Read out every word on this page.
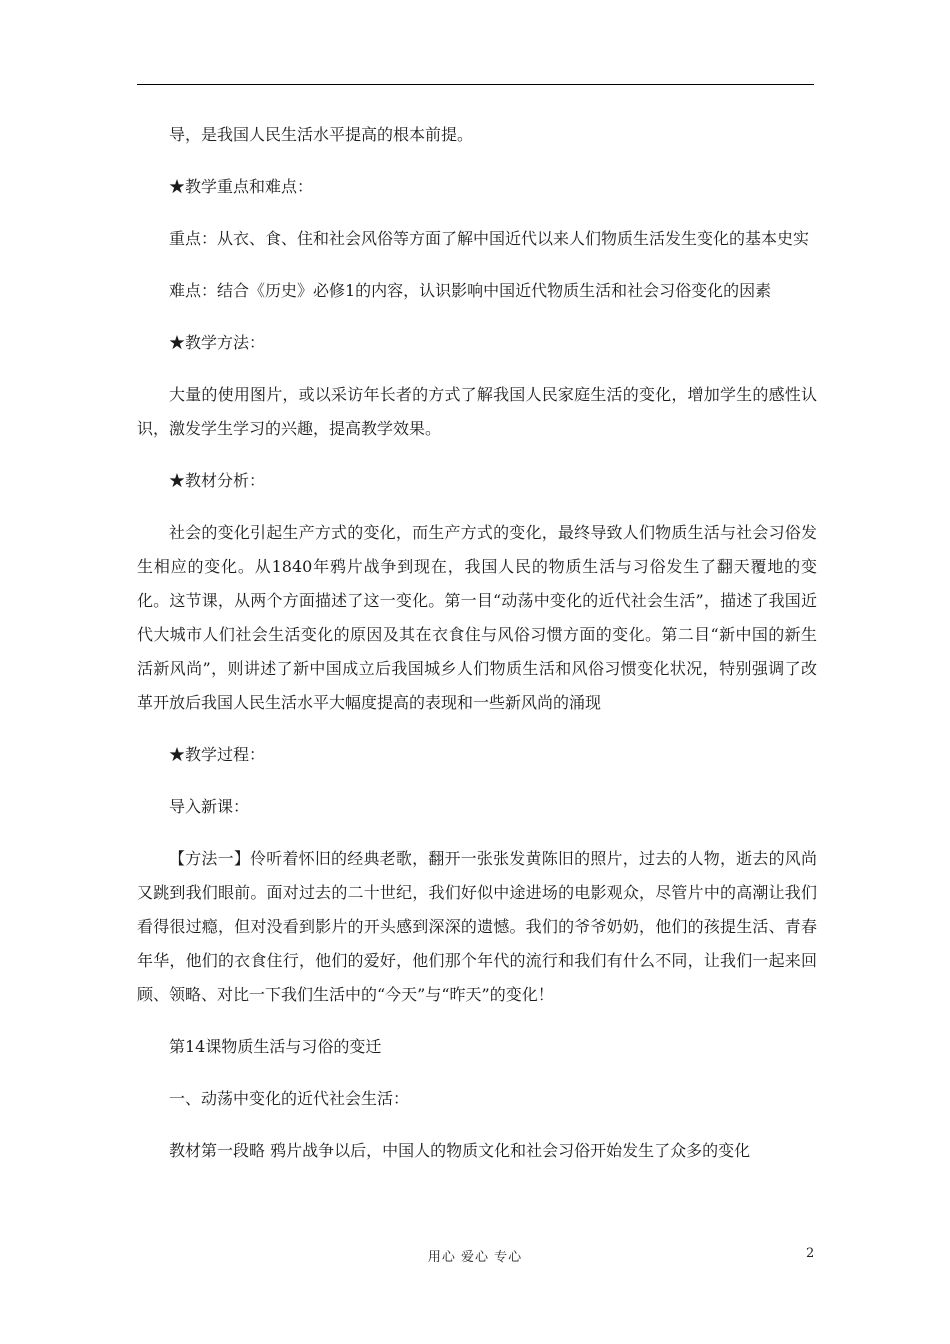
导，是我国人民生活水平提高的根本前提。

★教学重点和难点：

重点：从衣、食、住和社会风俗等方面了解中国近代以来人们物质生活发生变化的基本史实

难点：结合《历史》必修1的内容，认识影响中国近代物质生活和社会习俗变化的因素

★教学方法：

大量的使用图片，或以采访年长者的方式了解我国人民家庭生活的变化，增加学生的感性认识，激发学生学习的兴趣，提高教学效果。

★教材分析：

社会的变化引起生产方式的变化，而生产方式的变化，最终导致人们物质生活与社会习俗发生相应的变化。从1840年鸦片战争到现在，我国人民的物质生活与习俗发生了翻天覆地的变化。这节课，从两个方面描述了这一变化。第一目“动荡中变化的近代社会生活”，描述了我国近代大城市人们社会生活变化的原因及其在衣食住与风俗习惯方面的变化。第二目“新中国的新生活新风尚”，则讲述了新中国成立后我国城乡人们物质生活和风俗习惯变化状况，特别强调了改革开放后我国人民生活水平大幅度提高的表现和一些新风尚的涌现

★教学过程：

导入新课：

【方法一】伶听着怀旧的经典老歌，翻开一张张发黄陈旧的照片，过去的人物，逝去的风尚又跳到我们眼前。面对过去的二十世纪，我们好似中途进场的电影观众，尽管片中的高潮让我们看得很过瘾，但对没看到影片的开头感到深深的遗憾。我们的爷爷奶奶，他们的孩提生活、青春年华，他们的衣食住行，他们的爱好，他们那个年代的流行和我们有什么不同，让我们一起来回顾、领略、对比一下我们生活中的“今天”与“昨天”的变化！

第14课物质生活与习俗的变迁

一、动荡中变化的近代社会生活：

教材第一段略 鸦片战争以后，中国人的物质文化和社会习俗开始发生了众多的变化

用心 爱心 专心	2
